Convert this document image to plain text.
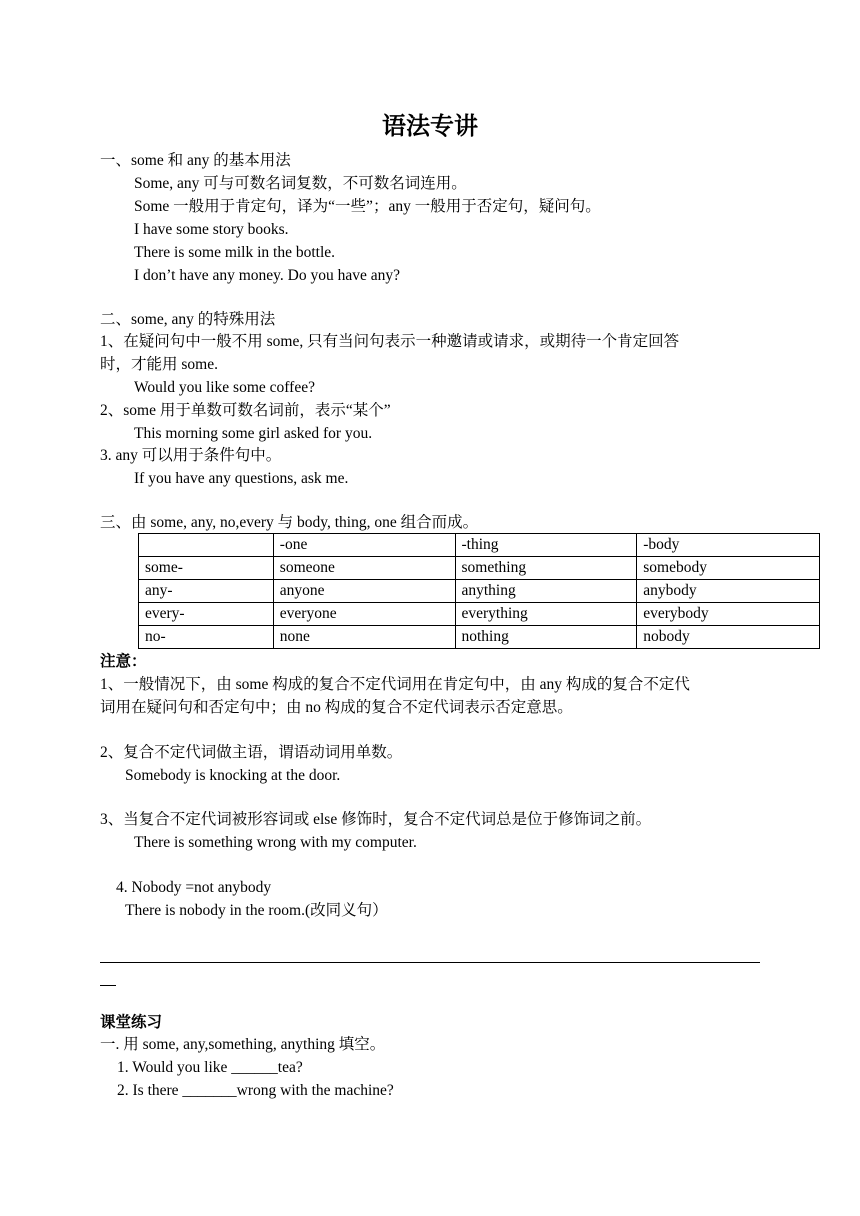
语法专讲
一、some 和 any 的基本用法
Some, any 可与可数名词复数，不可数名词连用。
Some 一般用于肯定句，译为“一些”；any 一般用于否定句，疑问句。
I have some story books.
There is some milk in the bottle.
I don’t have any money. Do you have any?
二、some, any 的特殊用法
1、在疑问句中一般不用 some, 只有当问句表示一种邀请或请求，或期待一个肯定回答
时，才能用 some.
Would you like some coffee?
2、some 用于单数可数名词前，表示“某个”
This morning some girl asked for you.
3. any 可以用于条件句中。
If you have any questions, ask me.
三、由 some, any, no,every 与 body, thing, one 组合而成。
	-one	-thing	-body
some-	someone	something	somebody
any-	anyone	anything	anybody
every-	everyone	everything	everybody
no-	none	nothing	nobody
注意：
1、一般情况下，由 some 构成的复合不定代词用在肯定句中，由 any 构成的复合不定代
词用在疑问句和否定句中；由 no 构成的复合不定代词表示否定意思。
2、复合不定代词做主语，谓语动词用单数。
Somebody is knocking at the door.
3、当复合不定代词被形容词或 else 修饰时，复合不定代词总是位于修饰词之前。
There is something wrong with my computer.
4. Nobody =not anybody
There is nobody in the room.(改同义句）
课堂练习
一. 用 some, any,something, anything 填空。
1. Would you like ______tea?
2. Is there _______wrong with the machine?
